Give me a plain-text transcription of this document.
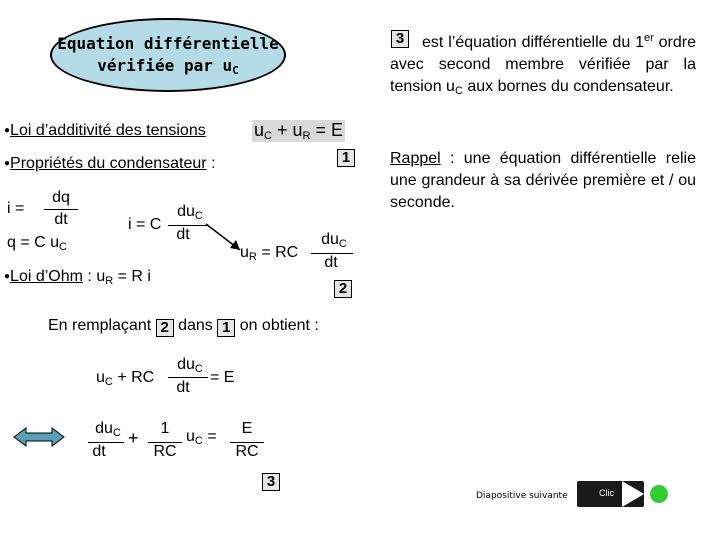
Equation différentielle
vérifiée par $u_C$
3	est l’équation différentielle du 1er ordre avec second membre vérifiée par la tension $u_C$ aux bornes du condensateur.
Rappel : une équation différentielle relie une grandeur à sa dérivée première et / ou seconde.
●Loi d’additivité des tensions	$u_C + u_R = E$
1
●Propriétés du condensateur :
i =
dq
dt
q = C $u_C$
i = C
$du_C$
dt
$u_R$ = RC
$du_C$
dt
2
●Loi d’Ohm : $u_R = R$ i
En remplaçant 2 dans 1 on obtient :
$u_C$ + RC
$du_C$
dt
= E
$du_C$
dt
+	1
RC
$u_C$ =	E
RC
3
Diapositive suivante	Clic
